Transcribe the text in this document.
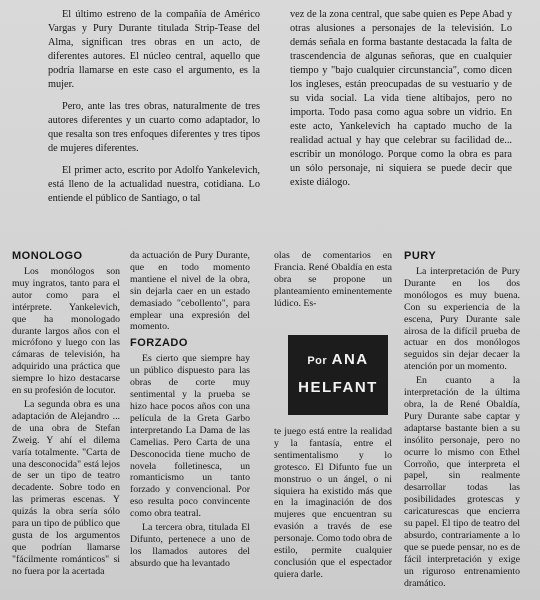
El último estreno de la compañía de Américo Vargas y Pury Durante titulada Strip-Tease del Alma, significan tres obras en un acto, de diferentes autores. El núcleo central, aquello que podría llamarse en este caso el argumento, es la mujer.

Pero, ante las tres obras, naturalmente de tres autores diferentes y un cuarto como adaptador, lo que resalta son tres enfoques diferentes y tres tipos de mujeres diferentes.

El primer acto, escrito por Adolfo Yankelevich, está lleno de la actualidad nuestra, cotidiana. Lo entiende el público de Santiago, o tal

vez de la zona central, que sabe quien es Pepe Abad y otras alusiones a personajes de la televisión. Lo demás señala en forma bastante destacada la falta de trascendencia de algunas señoras, que en cualquier tiempo y "bajo cualquier circunstancia", como dicen los ingleses, están preocupadas de su vestuario y de su vida social. La vida tiene altibajos, pero no importa. Todo pasa como agua sobre un vidrio. En este acto, Yankelevich ha captado mucho de la realidad actual y hay que celebrar su facilidad de... escribir un monólogo. Porque como la obra es para un sólo personaje, ni siquiera se puede decir que existe diálogo.

MONOLOGO

Los monólogos son muy ingratos, tanto para el autor como para el intérprete. Yankelevich, que ha monologado durante largos años con el micrófono y luego con las cámaras de televisión, ha adquirido una práctica que siempre lo hizo destacarse en su profesión de locutor.

La segunda obra es una adaptación de Alejandro ... de una obra de Stefan Zweig. Y ahí el dilema varía totalmente. "Carta de una desconocida" está lejos de ser un tipo de teatro decadente. Sobre todo en las primeras escenas. Y quizás la obra sería sólo para un tipo de público que gusta de los argumentos que podrían llamarse "fácilmente románticos" si no fuera por la acertada

da actuación de Pury Durante, que en todo momento mantiene el nivel de la obra, sin dejarla caer en un estado demasiado "cebollento", para emplear una expresión del momento.

FORZADO

Es cierto que siempre hay un público dispuesto para las obras de corte muy sentimental y la prueba se hizo hace pocos años con una película de la Greta Garbo interpretando La Dama de las Camelias. Pero Carta de una Desconocida tiene mucho de novela folletinesca, un romanticismo un tanto forzado y convencional. Por eso resulta poco convincente como obra teatral.

La tercera obra, titulada El Difunto, pertenece a uno de los llamados autores del absurdo que ha levantado

olas de comentarios en Francia. René Obaldía en esta obra se propone un planteamiento eminentemente lúdico. Es-

Por ANA
HELFANT

te juego está entre la realidad y la fantasía, entre el sentimentalismo y lo grotesco. El Difunto fue un monstruo o un ángel, o ni siquiera ha existido más que en la imaginación de dos mujeres que encuentran su evasión a través de ese personaje. Como todo obra de estilo, permite cualquier conclusión que el espectador quiera darle.

PURY

La interpretación de Pury Durante en los dos monólogos es muy buena. Con su experiencia de la escena, Pury Durante sale airosa de la difícil prueba de actuar en dos monólogos seguidos sin dejar decaer la atención por un momento.

En cuanto a la interpretación de la última obra, la de René Obaldía, Pury Durante sabe captar y adaptarse bastante bien a su insólito personaje, pero no ocurre lo mismo con Ethel Corroño, que interpreta el papel, sin realmente desarrollar todas las posibilidades grotescas y caricaturescas que encierra su papel. El tipo de teatro del absurdo, contrariamente a lo que se puede pensar, no es de fácil interpretación y exige un riguroso entrenamiento dramático.
